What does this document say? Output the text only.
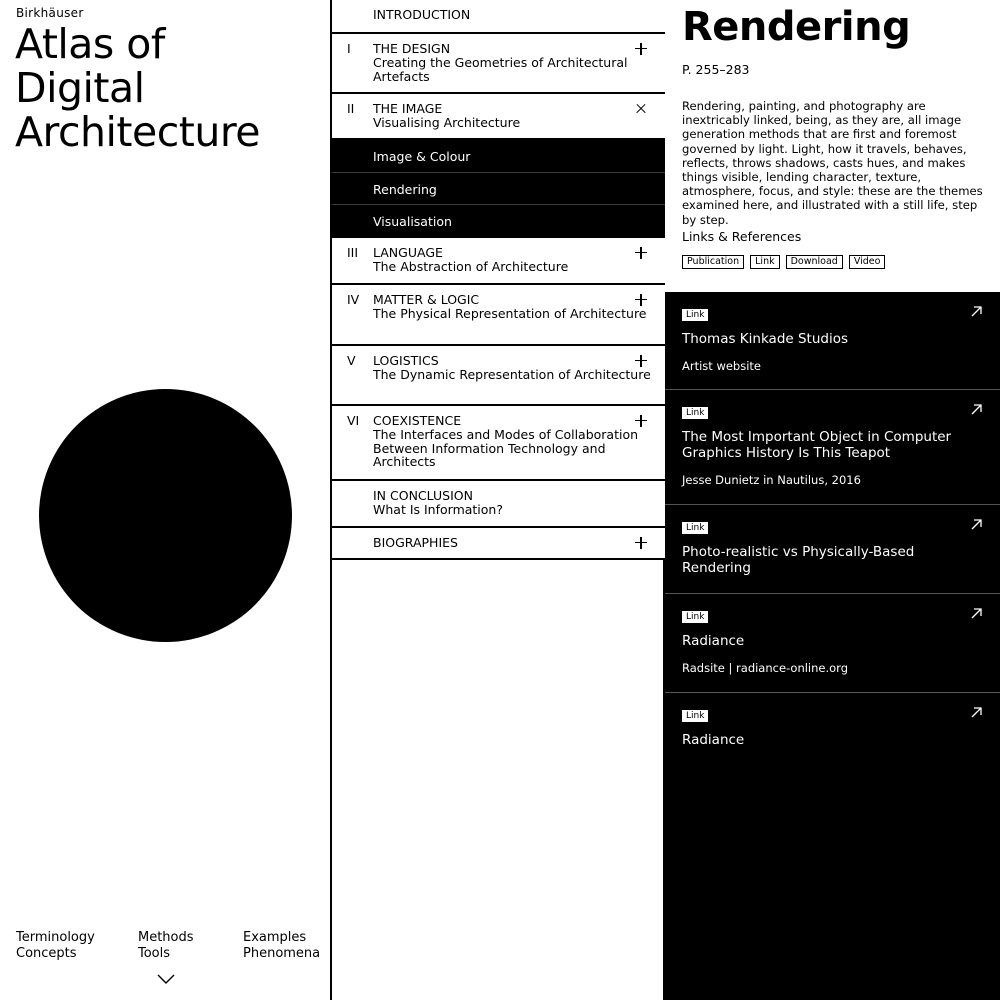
Birkhäuser
Atlas of
Digital
Architecture
Terminology
Concepts
Methods
Tools
Examples
Phenomena
INTRODUCTION
I THE DESIGN
Creating the Geometries of Architectural Artefacts
II THE IMAGE
Visualising Architecture
Image & Colour
Rendering
Visualisation
III LANGUAGE
The Abstraction of Architecture
IV MATTER & LOGIC
The Physical Representation of Architecture
V LOGISTICS
The Dynamic Representation of Architecture
VI COEXISTENCE
The Interfaces and Modes of Collaboration Between Information Technology and Architects
IN CONCLUSION
What Is Information?
BIOGRAPHIES
Rendering
P. 255–283

Rendering, painting, and photography are inextricably linked, being, as they are, all image generation methods that are first and foremost governed by light. Light, how it travels, behaves, reflects, throws shadows, casts hues, and makes things visible, lending character, texture, atmosphere, focus, and style: these are the themes examined here, and illustrated with a still life, step by step.

Links & References
Publication	Link	Download	Video
Link
Thomas Kinkade Studios
Artist website
Link
The Most Important Object in Computer Graphics History Is This Teapot
Jesse Dunietz in Nautilus, 2016
Link
Photo-realistic vs Physically-Based Rendering
Link
Radiance
Radsite | radiance-online.org
Link
Radiance
